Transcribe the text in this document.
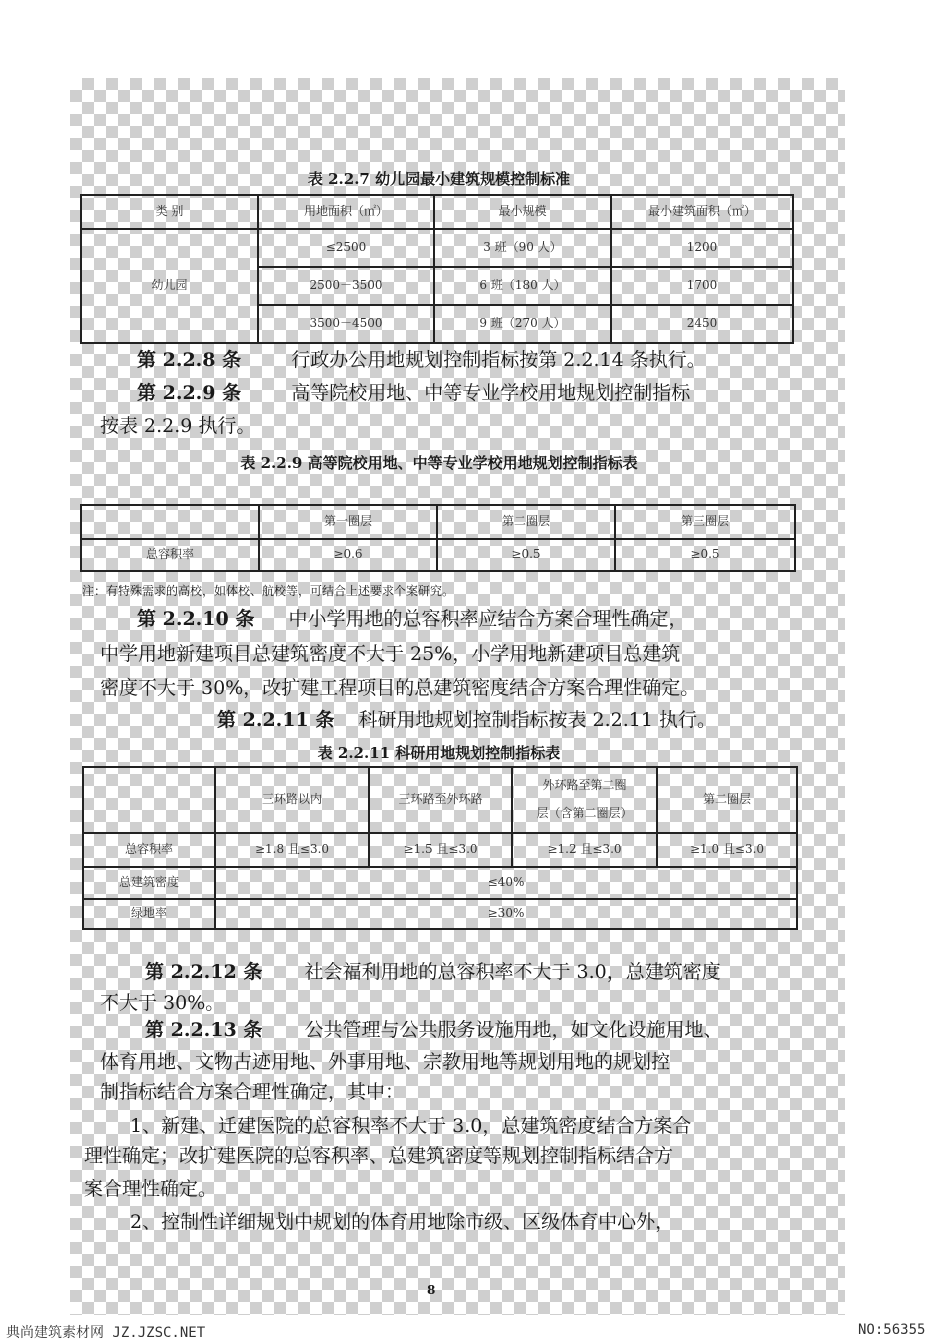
表 2.2.7 幼儿园最小建筑规模控制标准
类 别	用地面积（㎡）	最小规模	最小建筑面积（㎡）
幼儿园	≤2500	3 班（90 人）	1200
	2500－3500	6 班（180 人）	1700
	3500－4500	9 班（270 人）	2450
第 2.2.8 条	行政办公用地规划控制指标按第 2.2.14 条执行。
第 2.2.9 条	高等院校用地、中等专业学校用地规划控制指标
按表 2.2.9 执行。
表 2.2.9 高等院校用地、中等专业学校用地规划控制指标表
	第一圈层	第二圈层	第三圈层
总容积率	≥0.6	≥0.5	≥0.5
注：有特殊需求的高校，如体校、航校等，可结合上述要求个案研究。
第 2.2.10 条 中小学用地的总容积率应结合方案合理性确定，
中学用地新建项目总建筑密度不大于 25%，小学用地新建项目总建筑
密度不大于 30%，改扩建工程项目的总建筑密度结合方案合理性确定。
第 2.2.11 条 科研用地规划控制指标按表 2.2.11 执行。
表 2.2.11 科研用地规划控制指标表
	三环路以内	三环路至外环路	外环路至第二圈
层（含第二圈层）	第二圈层
总容积率	≥1.8 且≤3.0	≥1.5 且≤3.0	≥1.2 且≤3.0	≥1.0 且≤3.0
总建筑密度	≤40%			
绿地率	≥30%			
第 2.2.12 条 社会福利用地的总容积率不大于 3.0，总建筑密度
不大于 30%。
第 2.2.13 条 公共管理与公共服务设施用地，如文化设施用地、
体育用地、文物古迹用地、外事用地、宗教用地等规划用地的规划控
制指标结合方案合理性确定，其中：
1、新建、迁建医院的总容积率不大于 3.0，总建筑密度结合方案合
理性确定；改扩建医院的总容积率、总建筑密度等规划控制指标结合方
案合理性确定。
2、控制性详细规划中规划的体育用地除市级、区级体育中心外，
8
典尚建筑素材网 JZ.JZSC.NET	NO:56355
